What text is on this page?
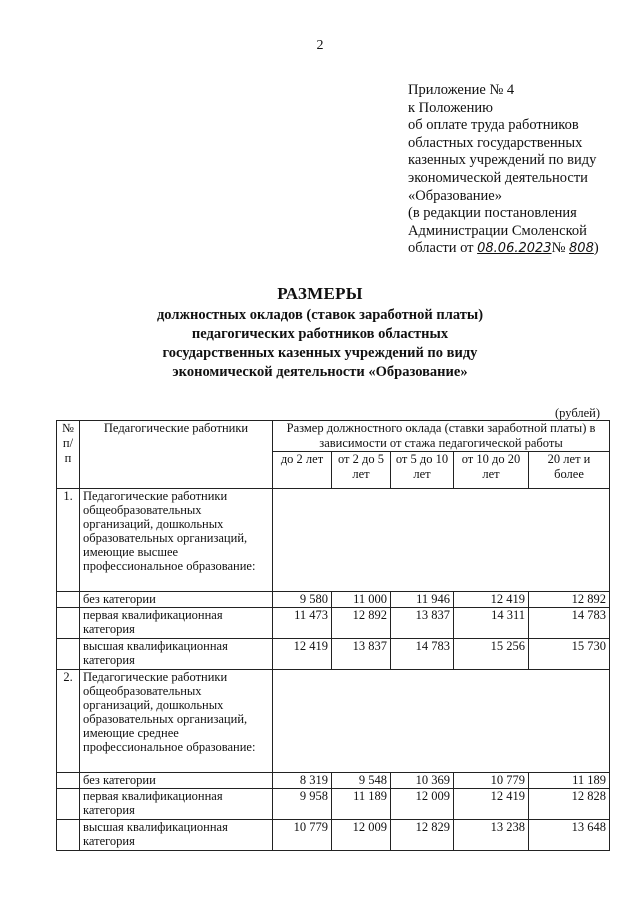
2
Приложение № 4
к Положению
об оплате труда работников
областных государственных
казенных учреждений по виду
экономической деятельности
«Образование»
(в редакции постановления
Администрации Смоленской
области от 08.06.2023№ 808)
РАЗМЕРЫ
должностных окладов (ставок заработной платы) педагогических работников областных государственных казенных учреждений по виду экономической деятельности «Образование»
(рублей)
№ п/п	Педагогические работники	Размер должностного оклада (ставки заработной платы) в зависимости от стажа педагогической работы				
		до 2 лет	от 2 до 5 лет	от 5 до 10 лет	от 10 до 20 лет	20 лет и более
1.	Педагогические работники общеобразовательных организаций, дошкольных образовательных организаций, имеющие высшее профессиональное образование:					
	без категории	9 580	11 000	11 946	12 419	12 892
	первая квалификационная категория	11 473	12 892	13 837	14 311	14 783
	высшая квалификационная категория	12 419	13 837	14 783	15 256	15 730
2.	Педагогические работники общеобразовательных организаций, дошкольных образовательных организаций, имеющие среднее профессиональное образование:					
	без категории	8 319	9 548	10 369	10 779	11 189
	первая квалификационная категория	9 958	11 189	12 009	12 419	12 828
	высшая квалификационная категория	10 779	12 009	12 829	13 238	13 648
